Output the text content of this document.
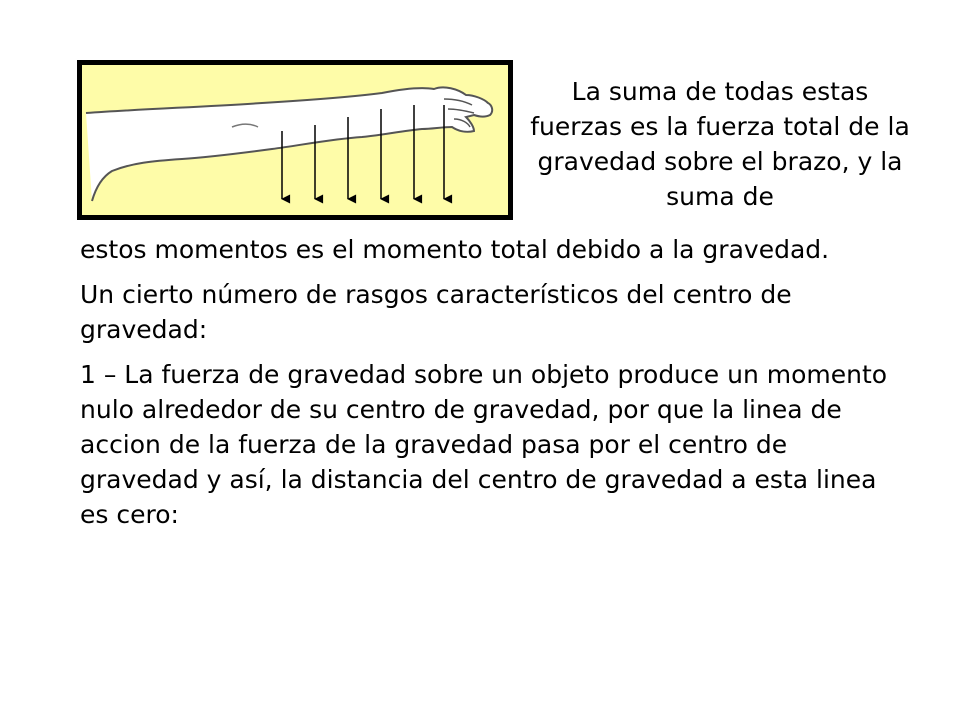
La suma de todas estas fuerzas es la fuerza total de la gravedad sobre el brazo, y la suma de

estos momentos es el momento total debido a la gravedad.

Un cierto número de rasgos característicos del centro de gravedad:

1 – La fuerza de gravedad sobre un objeto produce un momento nulo alrededor de su centro de gravedad, por que la linea de accion de la fuerza de la gravedad pasa por el centro de gravedad y así, la distancia del centro de gravedad a esta linea es cero:
